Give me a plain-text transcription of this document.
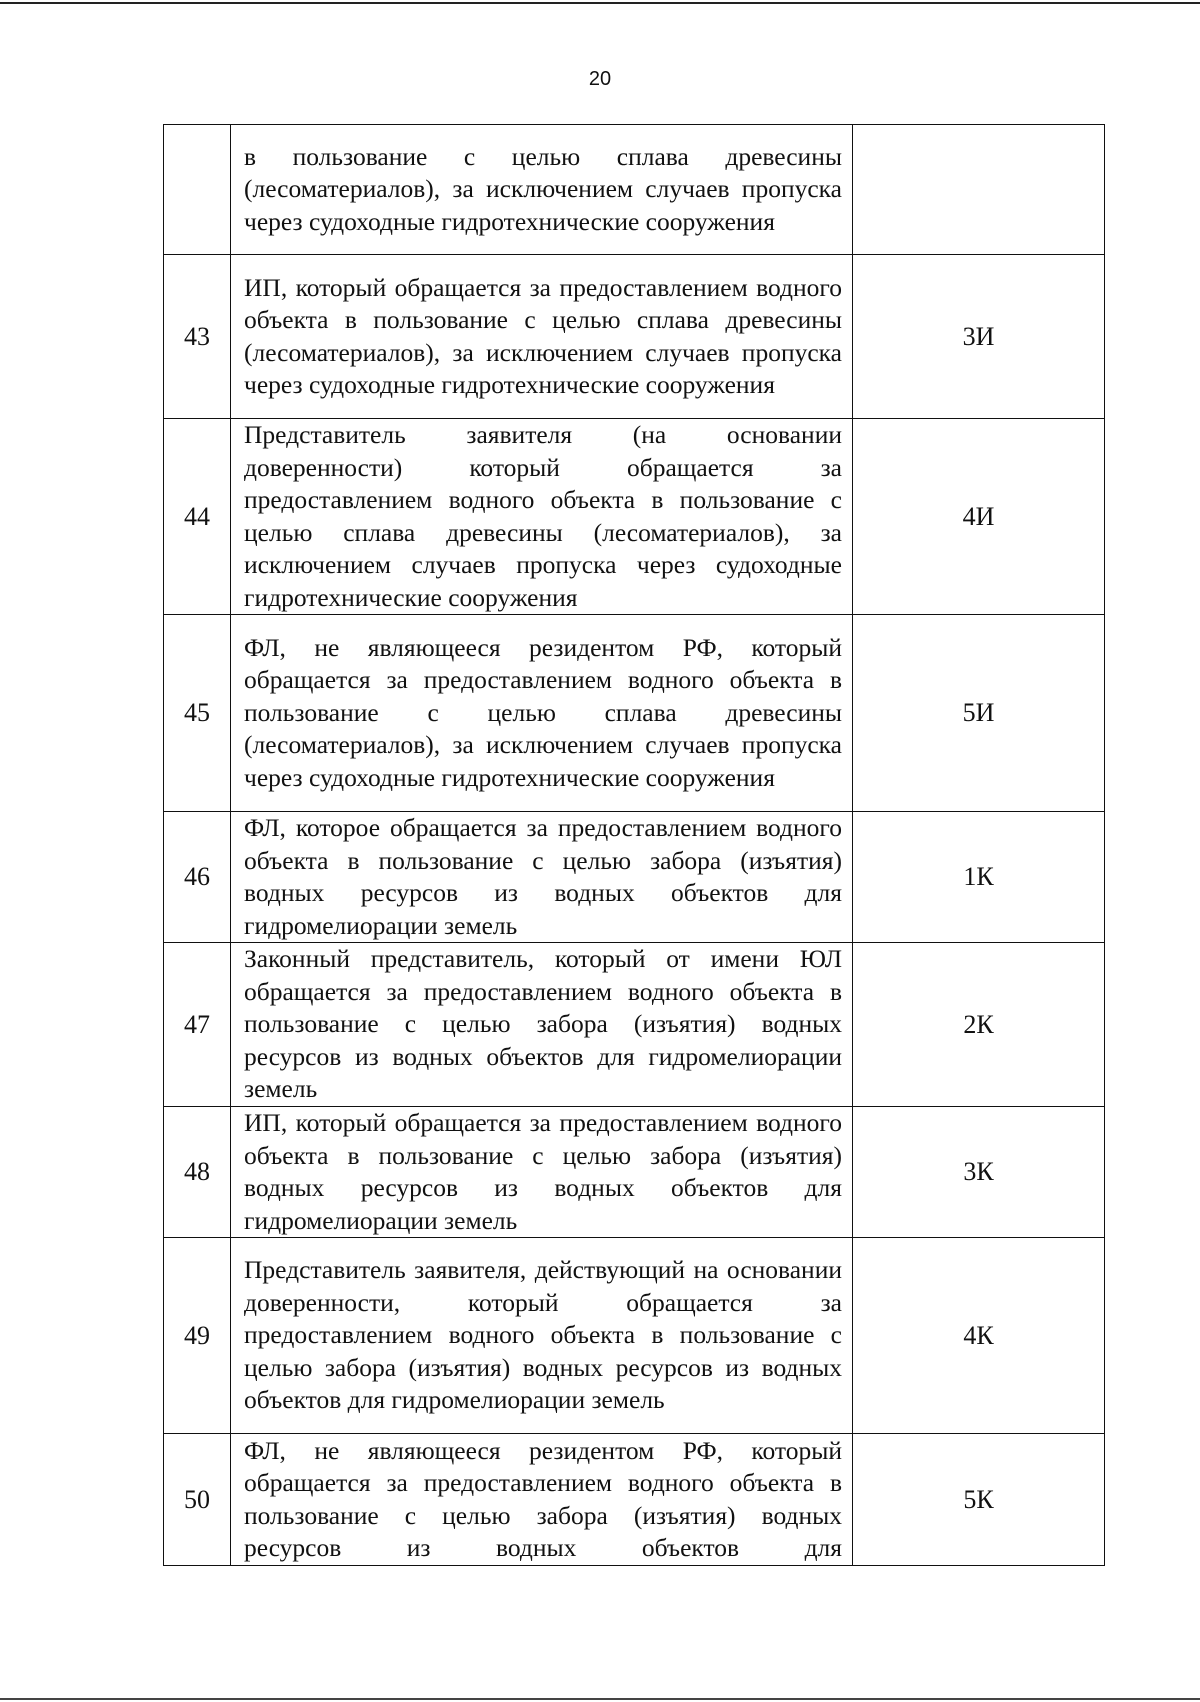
20
	в пользование с целью сплава древесины (лесоматериалов), за исключением случаев пропуска через судоходные гидротехнические сооружения	
43	ИП, который обращается за предоставлением водного объекта в пользование с целью сплава древесины (лесоматериалов), за исключением случаев пропуска через судоходные гидротехнические сооружения	3И
44	Представитель заявителя (на основании доверенности) который обращается за предоставлением водного объекта в пользование с целью сплава древесины (лесоматериалов), за исключением случаев пропуска через судоходные гидротехнические сооружения	4И
45	ФЛ, не являющееся резидентом РФ, который обращается за предоставлением водного объекта в пользование с целью сплава древесины (лесоматериалов), за исключением случаев пропуска через судоходные гидротехнические сооружения	5И
46	ФЛ, которое обращается за предоставлением водного объекта в пользование с целью забора (изъятия) водных ресурсов из водных объектов для гидромелиорации земель	1К
47	Законный представитель, который от имени ЮЛ обращается за предоставлением водного объекта в пользование с целью забора (изъятия) водных ресурсов из водных объектов для гидромелиорации земель	2К
48	ИП, который обращается за предоставлением водного объекта в пользование с целью забора (изъятия) водных ресурсов из водных объектов для гидромелиорации земель	3К
49	Представитель заявителя, действующий на основании доверенности, который обращается за предоставлением водного объекта в пользование с целью забора (изъятия) водных ресурсов из водных объектов для гидромелиорации земель	4К
50	ФЛ, не являющееся резидентом РФ, который обращается за предоставлением водного объекта в пользование с целью забора (изъятия) водных ресурсов из водных объектов для	5К
